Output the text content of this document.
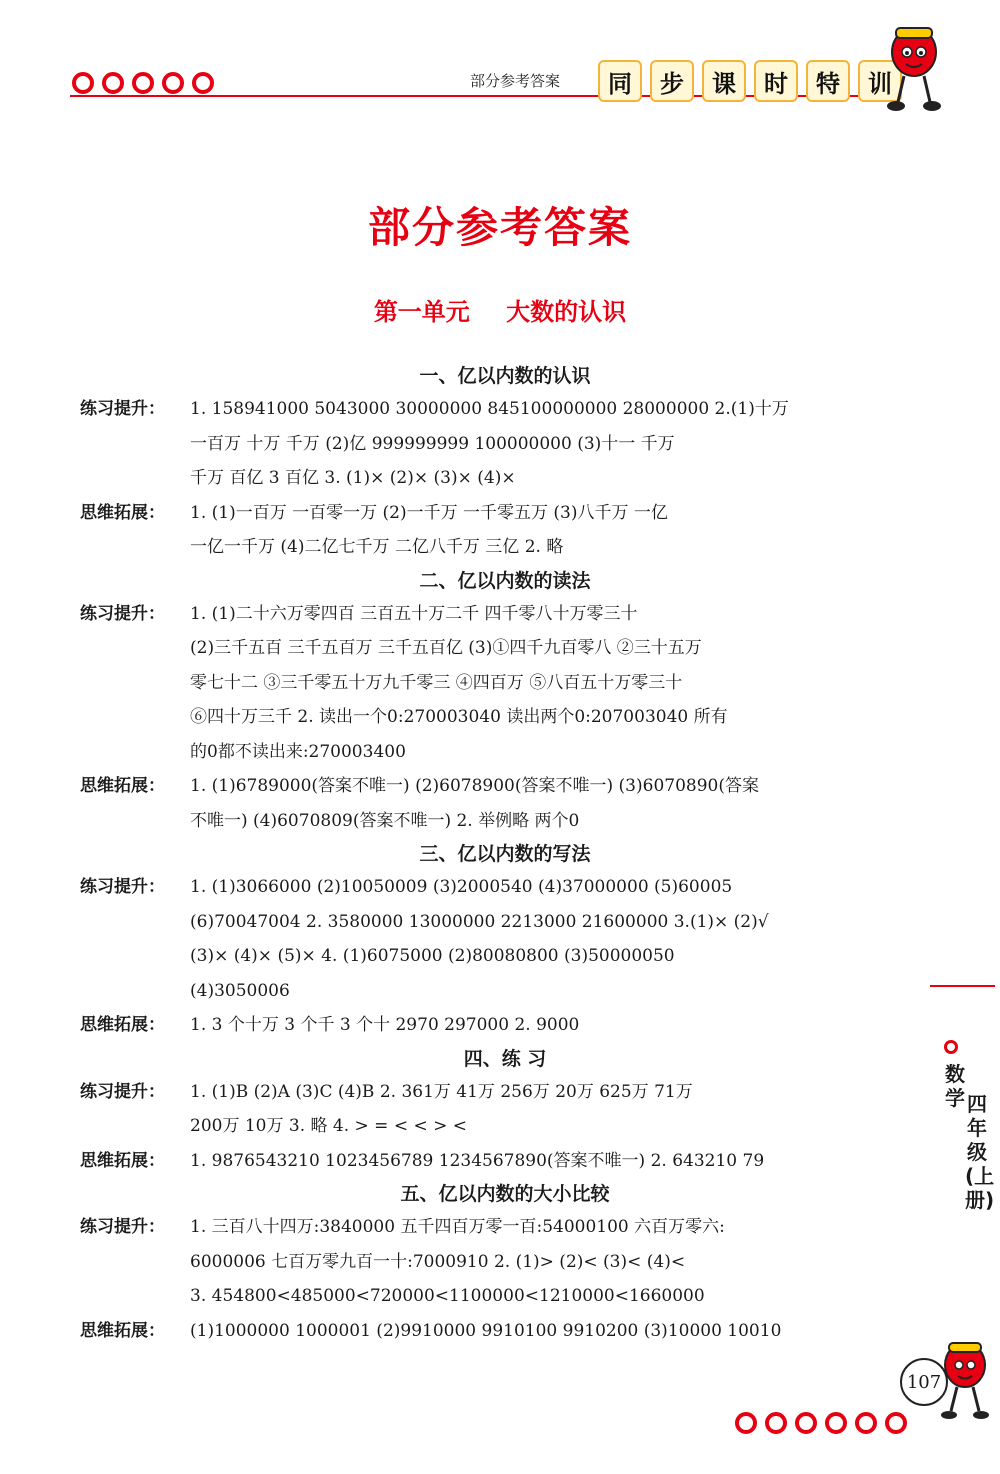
部分参考答案	同	步	课	时	特	训
部分参考答案
第一单元 大数的认识
一、亿以内数的认识
练习提升：	1. 158941000 5043000 30000000 845100000000 28000000 2.(1)十万
一百万 十万 千万 (2)亿 999999999 100000000 (3)十一 千万
千万 百亿 3 百亿 3. (1)× (2)× (3)× (4)×
思维拓展：	1. (1)一百万 一百零一万 (2)一千万 一千零五万 (3)八千万 一亿
一亿一千万 (4)二亿七千万 二亿八千万 三亿 2. 略
二、亿以内数的读法
练习提升：	1. (1)二十六万零四百 三百五十万二千 四千零八十万零三十
(2)三千五百 三千五百万 三千五百亿 (3)①四千九百零八 ②三十五万
零七十二 ③三千零五十万九千零三 ④四百万 ⑤八百五十万零三十
⑥四十万三千 2. 读出一个0:270003040 读出两个0:207003040 所有
的0都不读出来:270003400
思维拓展：	1. (1)6789000(答案不唯一) (2)6078900(答案不唯一) (3)6070890(答案
不唯一) (4)6070809(答案不唯一) 2. 举例略 两个0
三、亿以内数的写法
练习提升：	1. (1)3066000 (2)10050009 (3)2000540 (4)37000000 (5)60005
(6)70047004 2. 3580000 13000000 2213000 21600000 3.(1)× (2)√
(3)× (4)× (5)× 4. (1)6075000 (2)80080800 (3)50000050
(4)3050006
思维拓展：	1. 3 个十万 3 个千 3 个十 2970 297000 2. 9000
四、练 习
练习提升：	1. (1)B (2)A (3)C (4)B 2. 361万 41万 256万 20万 625万 71万
200万 10万 3. 略 4. > = < < > <
思维拓展：	1. 9876543210 1023456789 1234567890(答案不唯一) 2. 643210 79
五、亿以内数的大小比较
练习提升：	1. 三百八十四万:3840000 五千四百万零一百:54000100 六百万零六:
6000006 七百万零九百一十:7000910 2. (1)> (2)< (3)< (4)<
3. 454800<485000<720000<1100000<1210000<1660000
思维拓展：	(1)1000000 1000001 (2)9910000 9910100 9910200 (3)10000 10010
数学 四年级(上册)
107
